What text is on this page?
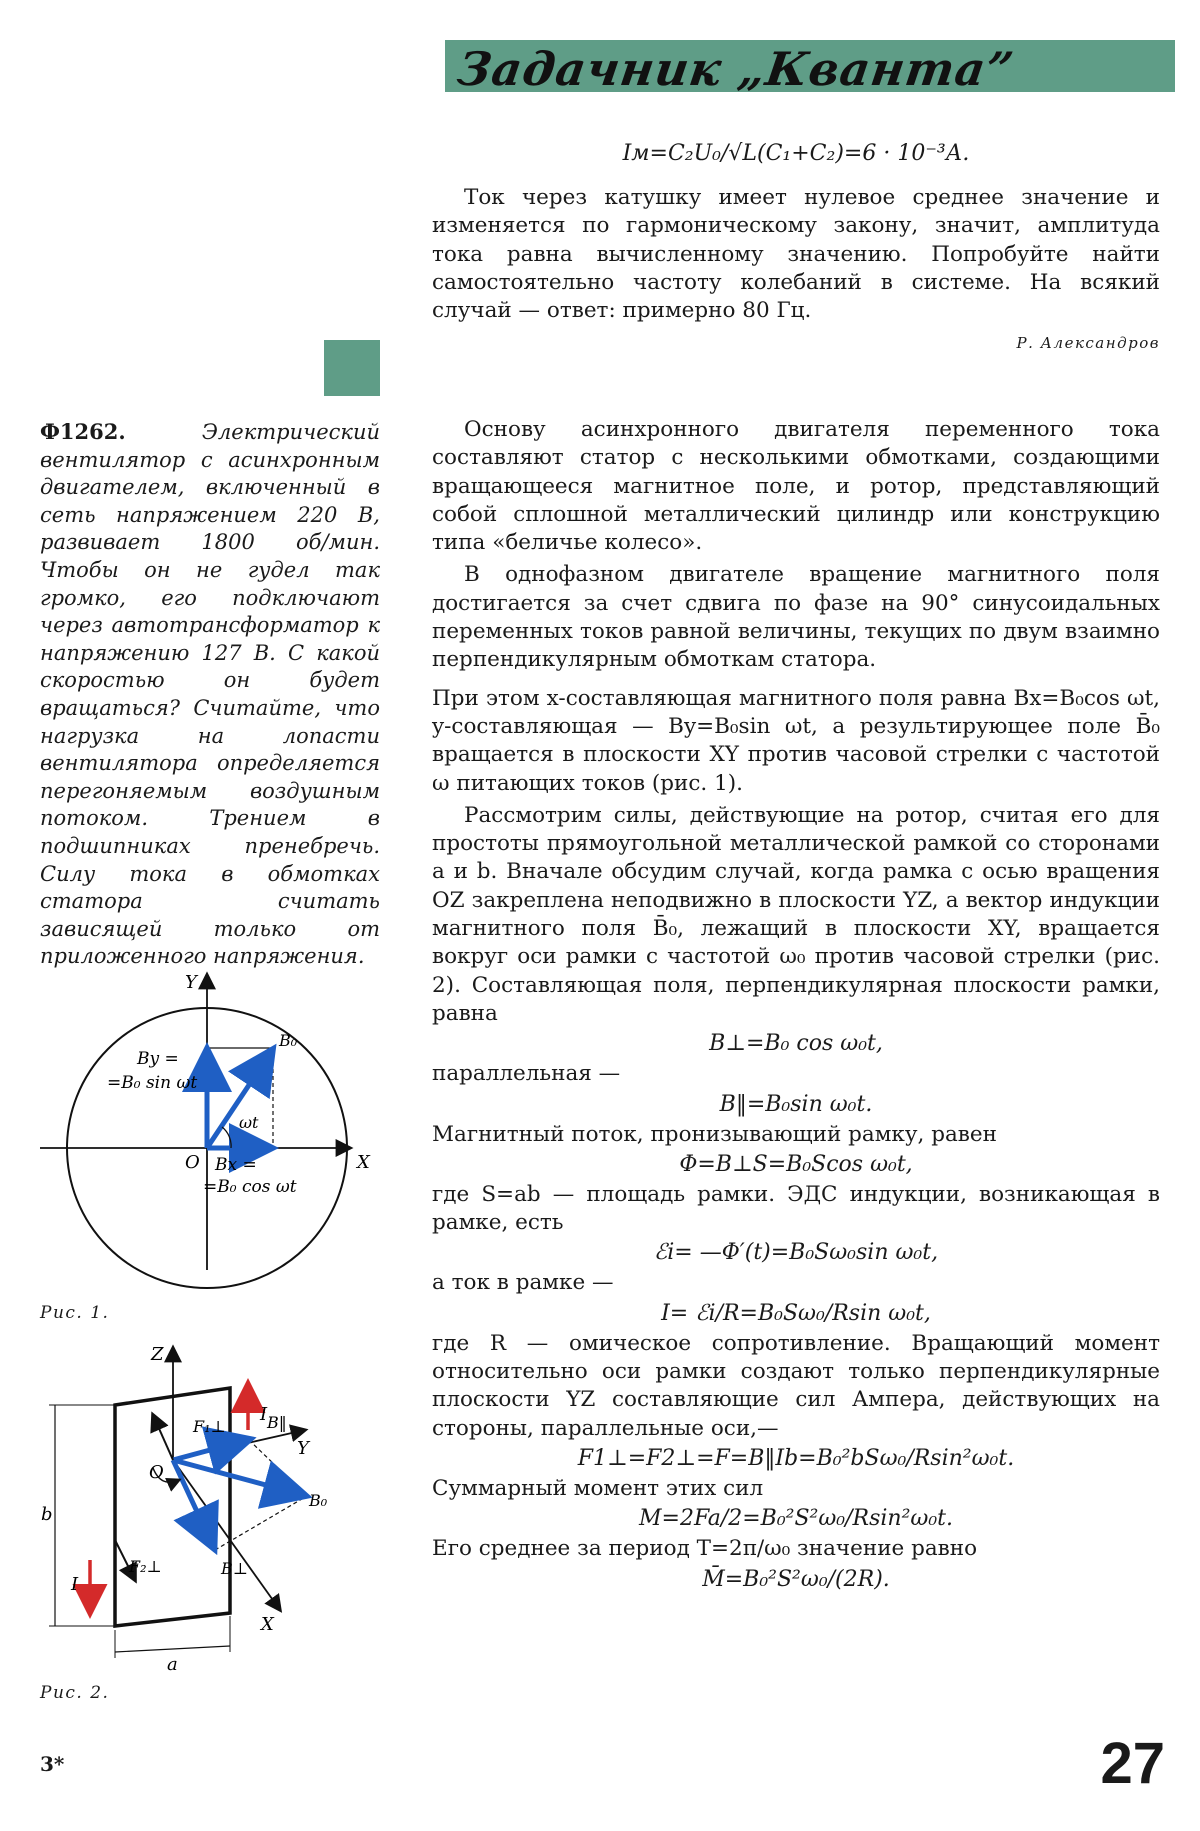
Задачник „Кванта”

Iм=C₂U₀/√L(C₁+C₂)=6 · 10⁻³А.

Ток через катушку имеет нулевое среднее значение и изменяется по гармоническому закону, значит, амплитуда тока равна вычисленному значению. Попробуйте найти самостоятельно частоту колебаний в системе. На всякий случай — ответ: примерно 80 Гц.

Р. Александров

Ф1262.	Электрический вентилятор с асинхронным двигателем, включенный в сеть напряжением 220 В, развивает 1800 об/мин. Чтобы он не гудел так громко, его подключают через автотрансформатор к напряжению 127 В. С какой скоростью он будет вращаться? Считайте, что нагрузка на лопасти вентилятора определяется перегоняемым воздушным потоком. Трением в подшипниках пренебречь. Силу тока в обмотках статора считать зависящей только от приложенного напряжения.

Основу асинхронного двигателя переменного тока составляют статор с несколькими обмотками, создающими вращающееся магнитное поле, и ротор, представляющий собой сплошной металлический цилиндр или конструкцию типа «беличье колесо».

В однофазном двигателе вращение магнитного поля достигается за счет сдвига по фазе на 90° синусоидальных переменных токов равной величины, текущих по двум взаимно перпендикулярным обмоткам статора.

При этом x-составляющая магнитного поля равна Bx=B₀cos ωt, y-составляющая — By=B₀sin ωt, а результирующее поле B̄₀ вращается в плоскости XY против часовой стрелки с частотой ω питающих токов (рис. 1).

Рассмотрим силы, действующие на ротор, считая его для простоты прямоугольной металлической рамкой со сторонами a и b. Вначале обсудим случай, когда рамка с осью вращения OZ закреплена неподвижно в плоскости YZ, а вектор индукции магнитного поля B̄₀, лежащий в плоскости XY, вращается вокруг оси рамки с частотой ω₀ против часовой стрелки (рис. 2). Составляющая поля, перпендикулярная плоскости рамки, равна

B⊥=B₀ cos ω₀t,

параллельная —

B‖=B₀sin ω₀t.

Магнитный поток, пронизывающий рамку, равен

Φ=B⊥S=B₀Scos ω₀t,

где S=ab — площадь рамки. ЭДС индукции, возникающая в рамке, есть

ℰi= —Φ′(t)=B₀Sω₀sin ω₀t,

а ток в рамке —

I= ℰi/R=B₀Sω₀/Rsin ω₀t,

где R — омическое сопротивление. Вращающий момент относительно оси рамки создают только перпендикулярные плоскости YZ составляющие сил Ампера, действующих на стороны, параллельные оси,—

F1⊥=F2⊥=F=B‖Ib=B₀²bSω₀/Rsin²ω₀t.

Суммарный момент этих сил

M=2Fa/2=B₀²S²ω₀/Rsin²ω₀t.

Его среднее за период T=2π/ω₀ значение равно

M̄=B₀²S²ω₀/(2R).

Y
X
O
B₀
By =
=B₀ sin ωt
ωt
Bx =
=B₀ cos ωt
Рис. 1.
Z
Y
X
O
b
a
I
I
F₁⊥
F₂⊥
B‖
B₀
B⊥
Рис. 2.
3*	27
